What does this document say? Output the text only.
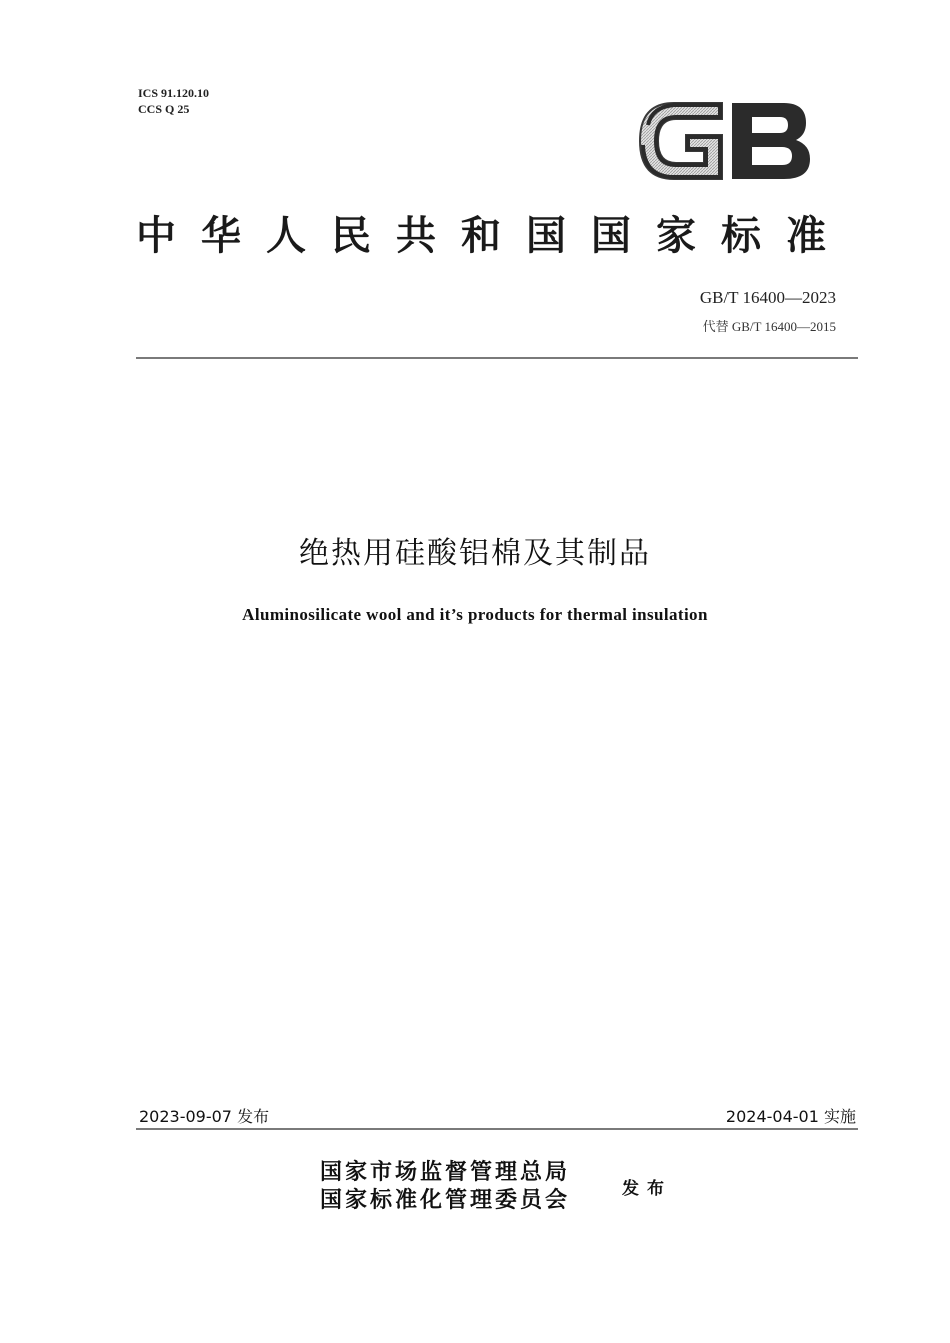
ICS 91.120.10
CCS Q 25
中华人民共和国国家标准
GB/T 16400—2023
代替 GB/T 16400—2015
绝热用硅酸铝棉及其制品
Aluminosilicate wool and it’s products for thermal insulation
2023-09-07 发布	2024-04-01 实施
国家市场监督管理总局
国家标准化管理委员会	发布
